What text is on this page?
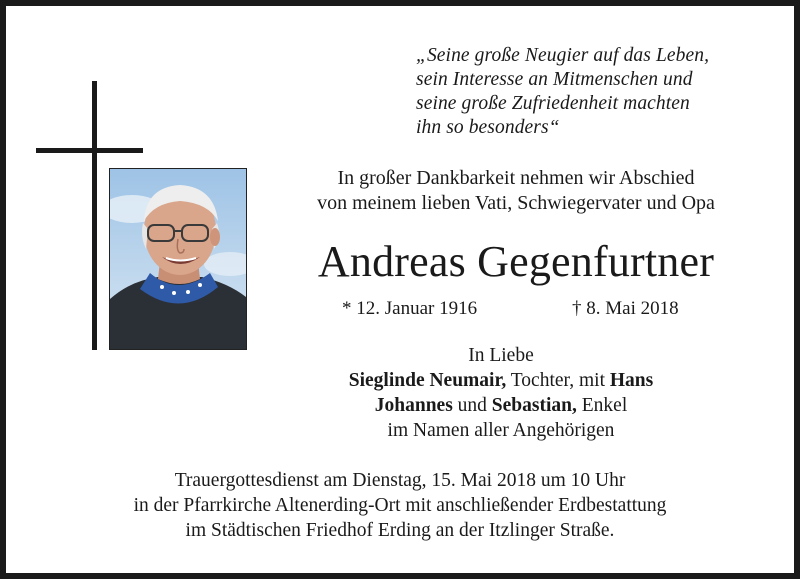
„Seine große Neugier auf das Leben,
sein Interesse an Mitmenschen und
seine große Zufriedenheit machten
ihn so besonders“
In großer Dankbarkeit nehmen wir Abschied
von meinem lieben Vati, Schwiegervater und Opa
Andreas Gegenfurtner
* 12. Januar 1916	† 8. Mai 2018
In Liebe
Sieglinde Neumair, Tochter, mit Hans
Johannes und Sebastian, Enkel
im Namen aller Angehörigen
Trauergottesdienst am Dienstag, 15. Mai 2018 um 10 Uhr
in der Pfarrkirche Altenerding-Ort mit anschließender Erdbestattung
im Städtischen Friedhof Erding an der Itzlinger Straße.
